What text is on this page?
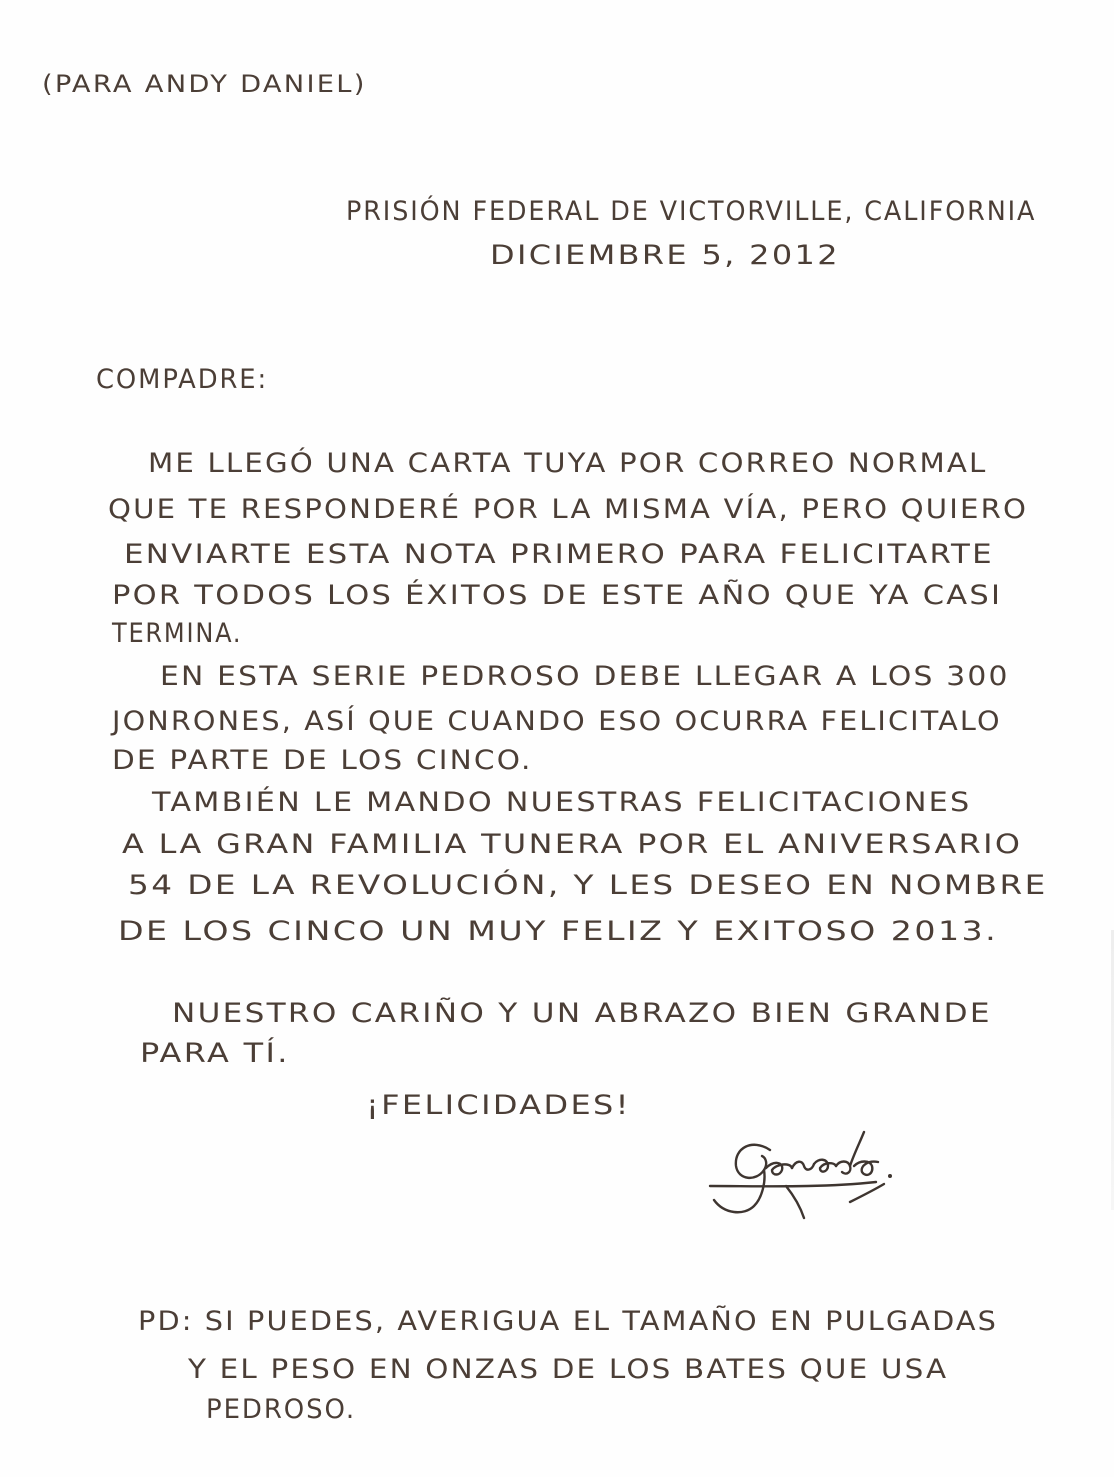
(PARA ANDY DANIEL)
PRISIÓN FEDERAL DE VICTORVILLE, CALIFORNIA
DICIEMBRE 5, 2012
COMPADRE:
ME LLEGÓ UNA CARTA TUYA POR CORREO NORMAL
QUE TE RESPONDERÉ POR LA MISMA VÍA, PERO QUIERO
ENVIARTE ESTA NOTA PRIMERO PARA FELICITARTE
POR TODOS LOS ÉXITOS DE ESTE AÑO QUE YA CASI
TERMINA.
EN ESTA SERIE PEDROSO DEBE LLEGAR A LOS 300
JONRONES, ASÍ QUE CUANDO ESO OCURRA FELICITALO
DE PARTE DE LOS CINCO.
TAMBIÉN LE MANDO NUESTRAS FELICITACIONES
A LA GRAN FAMILIA TUNERA POR EL ANIVERSARIO
54 DE LA REVOLUCIÓN, Y LES DESEO EN NOMBRE
DE LOS CINCO UN MUY FELIZ Y EXITOSO 2013.
NUESTRO CARIÑO Y UN ABRAZO BIEN GRANDE
PARA TÍ.
¡FELICIDADES!
PD: SI PUEDES, AVERIGUA EL TAMAÑO EN PULGADAS
Y EL PESO EN ONZAS DE LOS BATES QUE USA
PEDROSO.
